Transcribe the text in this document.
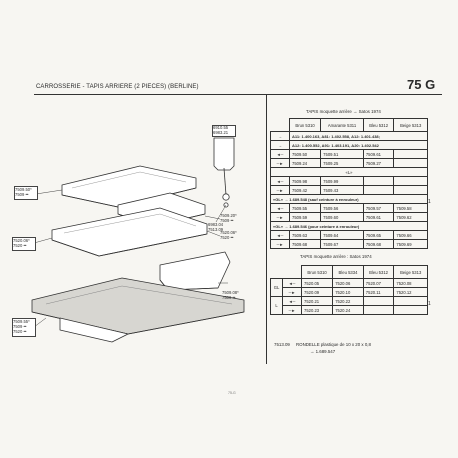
CARROSSERIE - TAPIS ARRIERE (2 PIECES) (BERLINE)	75 G
6910.55
6983.21
6983.04
7513.09
7509.50*
7509 ••
7509.20*
7509 ••
7520.06*
7520 ••
7520.06*
7520 ••
7509.08*
7509 ••
7509.55*
7509 ••
7520 ••
75-G
TAPIS moquette arrière → Satos 1974
	Brun 5310	Amarante 5311	Bleu 5312	Beige 5313
→	A11: 1.400.163, A81: 1.402.558, A12: 1.401.438;			
→	A12: 1.400.552, A91: 1.403.191, A20: 1.402.542			
◄─	7509.50	7509.51	7509.61	
─►	7509.24	7509.25	7509.27	
«L»				
◄─	7509.98	7509.99		
─►	7509.42	7509.43		
«GL» → 1.689.548 (sauf ceinture à enrouleur)				
◄─	7509.55	7509.56	7509.57	7509.58
─►	7509.59	7509.60	7509.61	7509.62
«GL» → 1.689.546 (pour ceinture à enrouleur)				
◄─	7509.63	7509.64	7509.65	7509.66
─►	7509.68	7509.67	7509.68	7509.69
1
TAPIS moquette arrière : Satos 1974
		Brun 5310	Bleu 5334	Bleu 5312	Beige 5313
GL	◄─	7520.05	7520.06	7520.07	7520.08
	─►	7520.09	7520.10	7520.11	7520.12
L	◄─	7520.21	7520.22		
	─►	7520.23	7520.24		
1
7513.09 RONDELLE plastique de 10 x 20 x 0,8
→ 1.689.547
